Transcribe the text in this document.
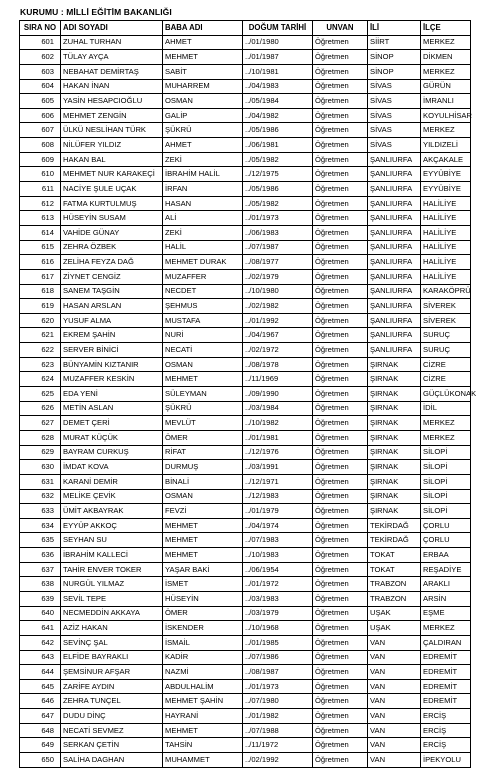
KURUMU : MİLLİ EĞİTİM BAKANLIĞI
SIRA NO	ADI SOYADI	BABA ADI	DOĞUM TARİHİ	UNVAN	İLİ	İLÇE
601	ZUHAL TURHAN	AHMET	../01/1980	Öğretmen	SİİRT	MERKEZ
602	TÜLAY AYÇA	MEHMET	../01/1987	Öğretmen	SİNOP	DİKMEN
603	NEBAHAT DEMİRTAŞ	SABİT	../10/1981	Öğretmen	SİNOP	MERKEZ
604	HAKAN İNAN	MUHARREM	../04/1983	Öğretmen	SİVAS	GÜRÜN
605	YASİN HESAPCIOĞLU	OSMAN	../05/1984	Öğretmen	SİVAS	İMRANLI
606	MEHMET ZENGİN	GALİP	../04/1982	Öğretmen	SİVAS	KOYULHİSAR
607	ÜLKÜ NESLİHAN TÜRK	ŞÜKRÜ	../05/1986	Öğretmen	SİVAS	MERKEZ
608	NİLÜFER YILDIZ	AHMET	../06/1981	Öğretmen	SİVAS	YILDIZELİ
609	HAKAN BAL	ZEKİ	../05/1982	Öğretmen	ŞANLIURFA	AKÇAKALE
610	MEHMET NUR KARAKEÇİ	İBRAHİM HALİL	../12/1975	Öğretmen	ŞANLIURFA	EYYÜBİYE
611	NACİYE ŞULE UÇAK	İRFAN	../05/1986	Öğretmen	ŞANLIURFA	EYYÜBİYE
612	FATMA KURTULMUŞ	HASAN	../05/1982	Öğretmen	ŞANLIURFA	HALİLİYE
613	HÜSEYİN SUSAM	ALİ	../01/1973	Öğretmen	ŞANLIURFA	HALİLİYE
614	VAHİDE GÜNAY	ZEKİ	../06/1983	Öğretmen	ŞANLIURFA	HALİLİYE
615	ZEHRA ÖZBEK	HALİL	../07/1987	Öğretmen	ŞANLIURFA	HALİLİYE
616	ZELİHA FEYZA DAĞ	MEHMET DURAK	../08/1977	Öğretmen	ŞANLIURFA	HALİLİYE
617	ZİYNET CENGİZ	MUZAFFER	../02/1979	Öğretmen	ŞANLIURFA	HALİLİYE
618	SANEM TAŞGİN	NECDET	../10/1980	Öğretmen	ŞANLIURFA	KARAKÖPRÜ
619	HASAN ARSLAN	ŞEHMUS	../02/1982	Öğretmen	ŞANLIURFA	SİVEREK
620	YUSUF ALMA	MUSTAFA	../01/1992	Öğretmen	ŞANLIURFA	SİVEREK
621	EKREM ŞAHİN	NURİ	../04/1967	Öğretmen	ŞANLIURFA	SURUÇ
622	SERVER BİNİCİ	NECATİ	../02/1972	Öğretmen	ŞANLIURFA	SURUÇ
623	BÜNYAMİN KIZTANIR	OSMAN	../08/1978	Öğretmen	ŞIRNAK	CİZRE
624	MUZAFFER KESKİN	MEHMET	../11/1969	Öğretmen	ŞIRNAK	CİZRE
625	EDA YENİ	SÜLEYMAN	../09/1990	Öğretmen	ŞIRNAK	GÜÇLÜKONAK
626	METİN ASLAN	ŞÜKRÜ	../03/1984	Öğretmen	ŞIRNAK	İDİL
627	DEMET ÇERİ	MEVLÜT	../10/1982	Öğretmen	ŞIRNAK	MERKEZ
628	MURAT KÜÇÜK	ÖMER	../01/1981	Öğretmen	ŞIRNAK	MERKEZ
629	BAYRAM CURKUŞ	RİFAT	../12/1976	Öğretmen	ŞIRNAK	SİLOPİ
630	İMDAT KOVA	DURMUŞ	../03/1991	Öğretmen	ŞIRNAK	SİLOPİ
631	KARANİ DEMİR	BİNALİ	../12/1971	Öğretmen	ŞIRNAK	SİLOPİ
632	MELİKE ÇEVİK	OSMAN	../12/1983	Öğretmen	ŞIRNAK	SİLOPİ
633	ÜMİT AKBAYRAK	FEVZİ	../01/1979	Öğretmen	ŞIRNAK	SİLOPİ
634	EYYÜP AKKOÇ	MEHMET	../04/1974	Öğretmen	TEKİRDAĞ	ÇORLU
635	SEYHAN SU	MEHMET	../07/1983	Öğretmen	TEKİRDAĞ	ÇORLU
636	İBRAHİM KALLECİ	MEHMET	../10/1983	Öğretmen	TOKAT	ERBAA
637	TAHİR ENVER TOKER	YAŞAR BAKİ	../06/1954	Öğretmen	TOKAT	REŞADİYE
638	NURGÜL YILMAZ	İSMET	../01/1972	Öğretmen	TRABZON	ARAKLI
639	SEVİL TEPE	HÜSEYİN	../03/1983	Öğretmen	TRABZON	ARSİN
640	NECMEDDİN AKKAYA	ÖMER	../03/1979	Öğretmen	UŞAK	EŞME
641	AZİZ HAKAN	İSKENDER	../10/1968	Öğretmen	UŞAK	MERKEZ
642	SEVİNÇ ŞAL	İSMAİL	../01/1985	Öğretmen	VAN	ÇALDIRAN
643	ELFİDE BAYRAKLI	KADİR	../07/1986	Öğretmen	VAN	EDREMİT
644	ŞEMSİNUR AFŞAR	NAZMİ	../08/1987	Öğretmen	VAN	EDREMİT
645	ZARİFE AYDIN	ABDULHALİM	../01/1973	Öğretmen	VAN	EDREMİT
646	ZEHRA TUNÇEL	MEHMET ŞAHİN	../07/1980	Öğretmen	VAN	EDREMİT
647	DUDU DİNÇ	HAYRANİ	../01/1982	Öğretmen	VAN	ERCİŞ
648	NECATİ SEVMEZ	MEHMET	../07/1988	Öğretmen	VAN	ERCİŞ
649	SERKAN ÇETİN	TAHSİN	../11/1972	Öğretmen	VAN	ERCİŞ
650	SALİHA DAGHAN	MUHAMMET	../02/1992	Öğretmen	VAN	İPEKYOLU
